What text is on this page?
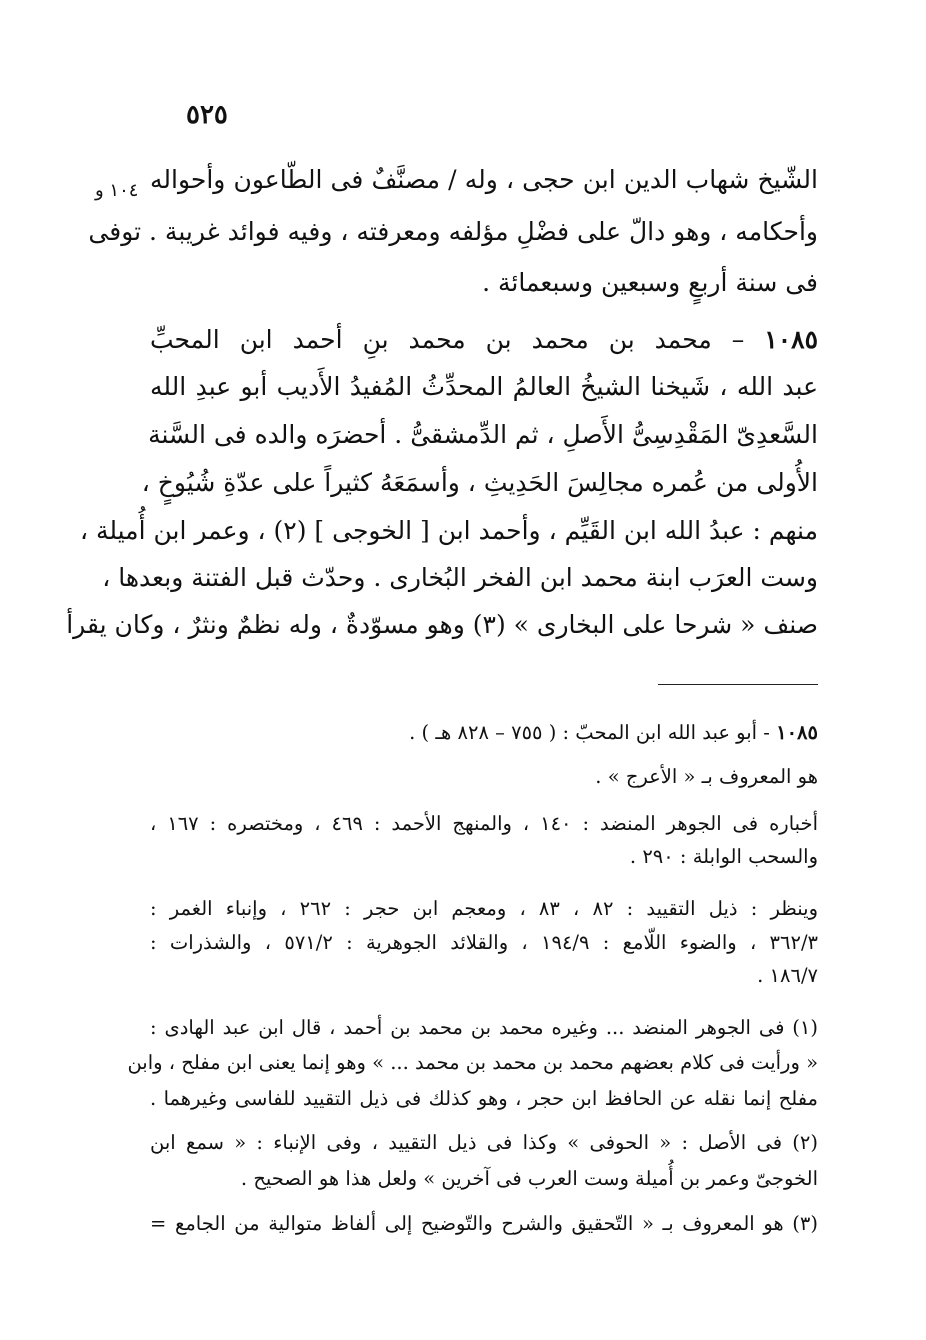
٥٢٥
١٠٤ و الشّيخ شهاب الدين ابن حجى ، وله / مصنَّفٌ فى الطّاعون وأحواله
وأحكامه ، وهو دالّ على فضْلِ مؤلفه ومعرفته ، وفيه فوائد غريبة . توفى
فى سنة أربعٍ وسبعين وسبعمائة .
١٠٨٥ – محمد بن محمد بن محمد بنِ أحمد ابن المحبِّ
عبد الله ، شَيخنا الشيخُ العالمُ المحدِّثُ المُفيدُ الأَديب أبو عبدِ الله
السَّعدِىّ المَقْدِسِىُّ الأَصلِ ، ثم الدِّمشقىُّ . أحضرَه والده فى السَّنة
الأُولى من عُمره مجالِسَ الحَدِيثِ ، وأسمَعَهُ كثيراً على عدّةِ شُيُوخٍ ،
منهم : عبدُ الله ابن القَيِّم ، وأحمد ابن [ الخوجى ] (٢) ، وعمر ابن أُميلة ،
وست العرَب ابنة محمد ابن الفخر البُخارى . وحدّث قبل الفتنة وبعدها ،
صنف « شرحا على البخارى » (٣) وهو مسوّدةٌ ، وله نظمٌ ونثرٌ ، وكان يقرأ
١٠٨٥ - أبو عبد الله ابن المحبّ : ( ٧٥٥ – ٨٢٨ هـ ) .
هو المعروف بـ « الأعرج » .
أخباره فى الجوهر المنضد : ١٤٠ ، والمنهج الأحمد : ٤٦٩ ، ومختصره : ١٦٧ ،
والسحب الوابلة : ٢٩٠ .
وينظر : ذيل التقييد : ٨٢ ، ٨٣ ، ومعجم ابن حجر : ٢٦٢ ، وإنباء الغمر :
٣٦٢/٣ ، والضوء اللّامع : ١٩٤/٩ ، والقلائد الجوهرية : ٥٧١/٢ ، والشذرات :
١٨٦/٧ .
(١) فى الجوهر المنضد ... وغيره محمد بن محمد بن أحمد ، قال ابن عبد الهادى :
« ورأيت فى كلام بعضهم محمد بن محمد بن محمد ... » وهو إنما يعنى ابن مفلح ، وابن
مفلح إنما نقله عن الحافظ ابن حجر ، وهو كذلك فى ذيل التقييد للفاسى وغيرهما .
(٢) فى الأصل : « الحوفى » وكذا فى ذيل التقييد ، وفى الإنباء : « سمع ابن
الخوجىّ وعمر بن أُميلة وست العرب فى آخرين » ولعل هذا هو الصحيح .
(٣) هو المعروف بـ « التّحقيق والشرح والتّوضيح إلى ألفاظ متوالية من الجامع =
